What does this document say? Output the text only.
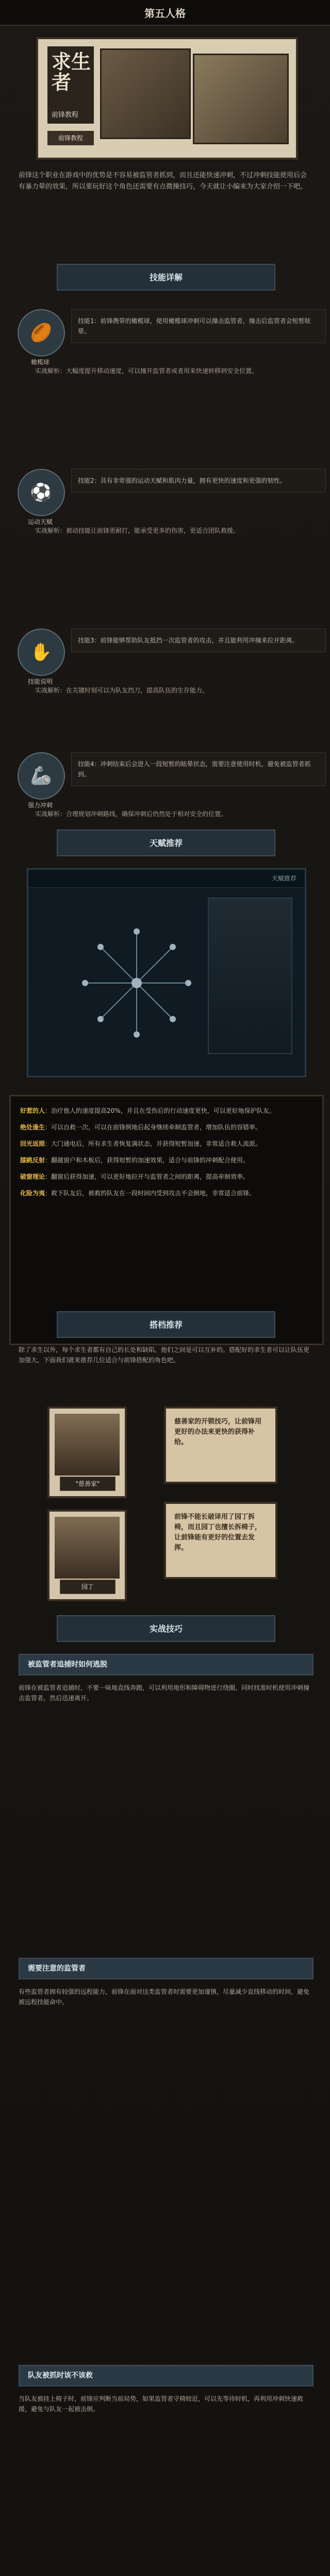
第五人格
求生者
前锋教程
前锋教程
前锋这个职业在游戏中的优势是不容易被监管者抓到，而且还能快速冲刺，不过冲刺技能使用后会有暴力晕的效果，所以要玩好这个角色还需要有点微操技巧，今天就让小编来为大家介绍一下吧。
技能详解
🏉
橄榄球
技能1：前锋携带的橄榄球，使用橄榄球冲刺可以撞击监管者，撞击后监管者会短暂眩晕。
实战解析：大幅度提升移动速度，可以撞开监管者或者用来快速转移到安全位置。
⚽
运动天赋
技能2：具有非常强的运动天赋和肌肉力量，拥有更快的速度和更强的韧性。
实战解析：被动技能让前锋更耐打，能承受更多的伤害，更适合团队救援。
✋
技能说明
技能3：前锋能够帮助队友抵挡一次监管者的攻击，并且能利用冲撞来拉开距离。
实战解析：在关键时刻可以为队友挡刀，提高队伍的生存能力。
🦾
强力冲刺
技能4：冲刺结束后会进入一段短暂的眩晕状态，需要注意使用时机，避免被监管者抓到。
实战解析：合理规划冲刺路线，确保冲刺后仍然处于相对安全的位置。
天赋推荐
天赋推荐
好惹的人：治疗他人的速度提高20%，并且在受伤后的行动速度更快，可以更好地保护队友。
绝处逢生：可以自救一次，可以在前锋倒地后起身继续牵制监管者，增加队伍的容错率。
回光返照：大门通电后，所有求生者恢复满状态，并获得短暂加速，非常适合救人流派。
膝跳反射：翻越窗户和木板后，获得短暂的加速效果，适合与前锋的冲刺配合使用。
破窗理论：翻窗后获得加速，可以更好地拉开与监管者之间的距离，提高牵制效率。
化险为夷：救下队友后，被救的队友在一段时间内受到攻击不会倒地，非常适合前锋。
搭档推荐
除了求生以外，每个求生者都有自己的长处和缺陷，他们之间是可以互补的。搭配好的求生者可以让队伍更加强大，下面我们就来推荐几位适合与前锋搭配的角色吧。
"慈善家"
慈善家的开锁技巧，让前锋用更好的办法来更快的获得补给。
园丁
前锋不能长破译用了园丁拆椅，而且园丁也擅长拆椅子，让前锋能有更好的位置去发挥。
实战技巧
被监管者追捕时如何逃脱
前锋在被监管者追捕时，不要一味地直线奔跑，可以利用地形和障碍物进行绕圈，同时找准时机使用冲刺撞击监管者，然后迅速离开。
需要注意的监管者
有些监管者拥有较强的远程能力，前锋在面对这类监管者时需要更加谨慎，尽量减少直线移动的时间，避免被远程技能命中。
队友被抓时该不该救
当队友被挂上椅子时，前锋应判断当前局势，如果监管者守椅较近，可以先等待时机，再利用冲刺快速救援，避免与队友一起被击倒。
